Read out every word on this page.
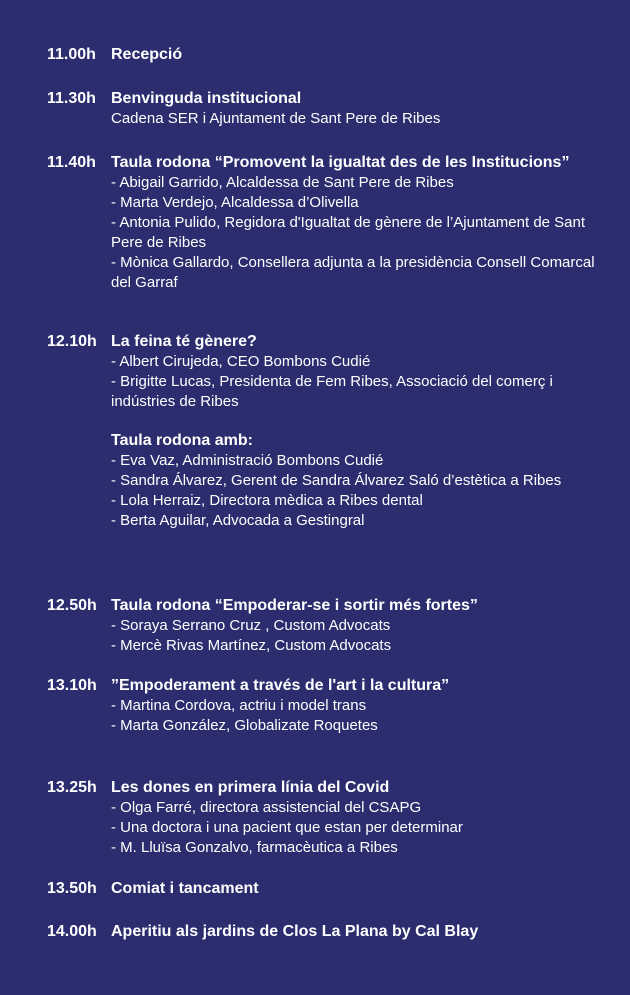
11.00h Recepció
11.30h Benvinguda institucional
Cadena SER i Ajuntament de Sant Pere de Ribes
11.40h Taula rodona “Promovent la igualtat des de les Institucions”
- Abigail Garrido, Alcaldessa de Sant Pere de Ribes
- Marta Verdejo, Alcaldessa d’Olivella
- Antonia Pulido, Regidora d'Igualtat de gènere de l’Ajuntament de Sant Pere de Ribes
- Mònica Gallardo, Consellera adjunta a la presidència Consell Comarcal del Garraf
12.10h La feina té gènere?
- Albert Cirujeda, CEO Bombons Cudié
- Brigitte Lucas, Presidenta de Fem Ribes, Associació del comerç i indústries de Ribes
Taula rodona amb:
- Eva Vaz, Administració Bombons Cudié
- Sandra Álvarez, Gerent de Sandra Álvarez Saló d’estètica a Ribes
- Lola Herraiz, Directora mèdica a Ribes dental
- Berta Aguilar, Advocada a Gestingral
12.50h Taula rodona “Empoderar-se i sortir més fortes”
- Soraya Serrano Cruz , Custom Advocats
- Mercè Rivas Martínez, Custom Advocats
13.10h ”Empoderament a través de l'art i la cultura”
- Martina Cordova, actriu i model trans
- Marta González, Globalizate Roquetes
13.25h Les dones en primera línia del Covid
- Olga Farré, directora assistencial del CSAPG
- Una doctora i una pacient que estan per determinar
- M. Lluïsa Gonzalvo, farmacèutica a Ribes
13.50h Comiat i tancament
14.00h Aperitiu als jardins de Clos La Plana by Cal Blay
